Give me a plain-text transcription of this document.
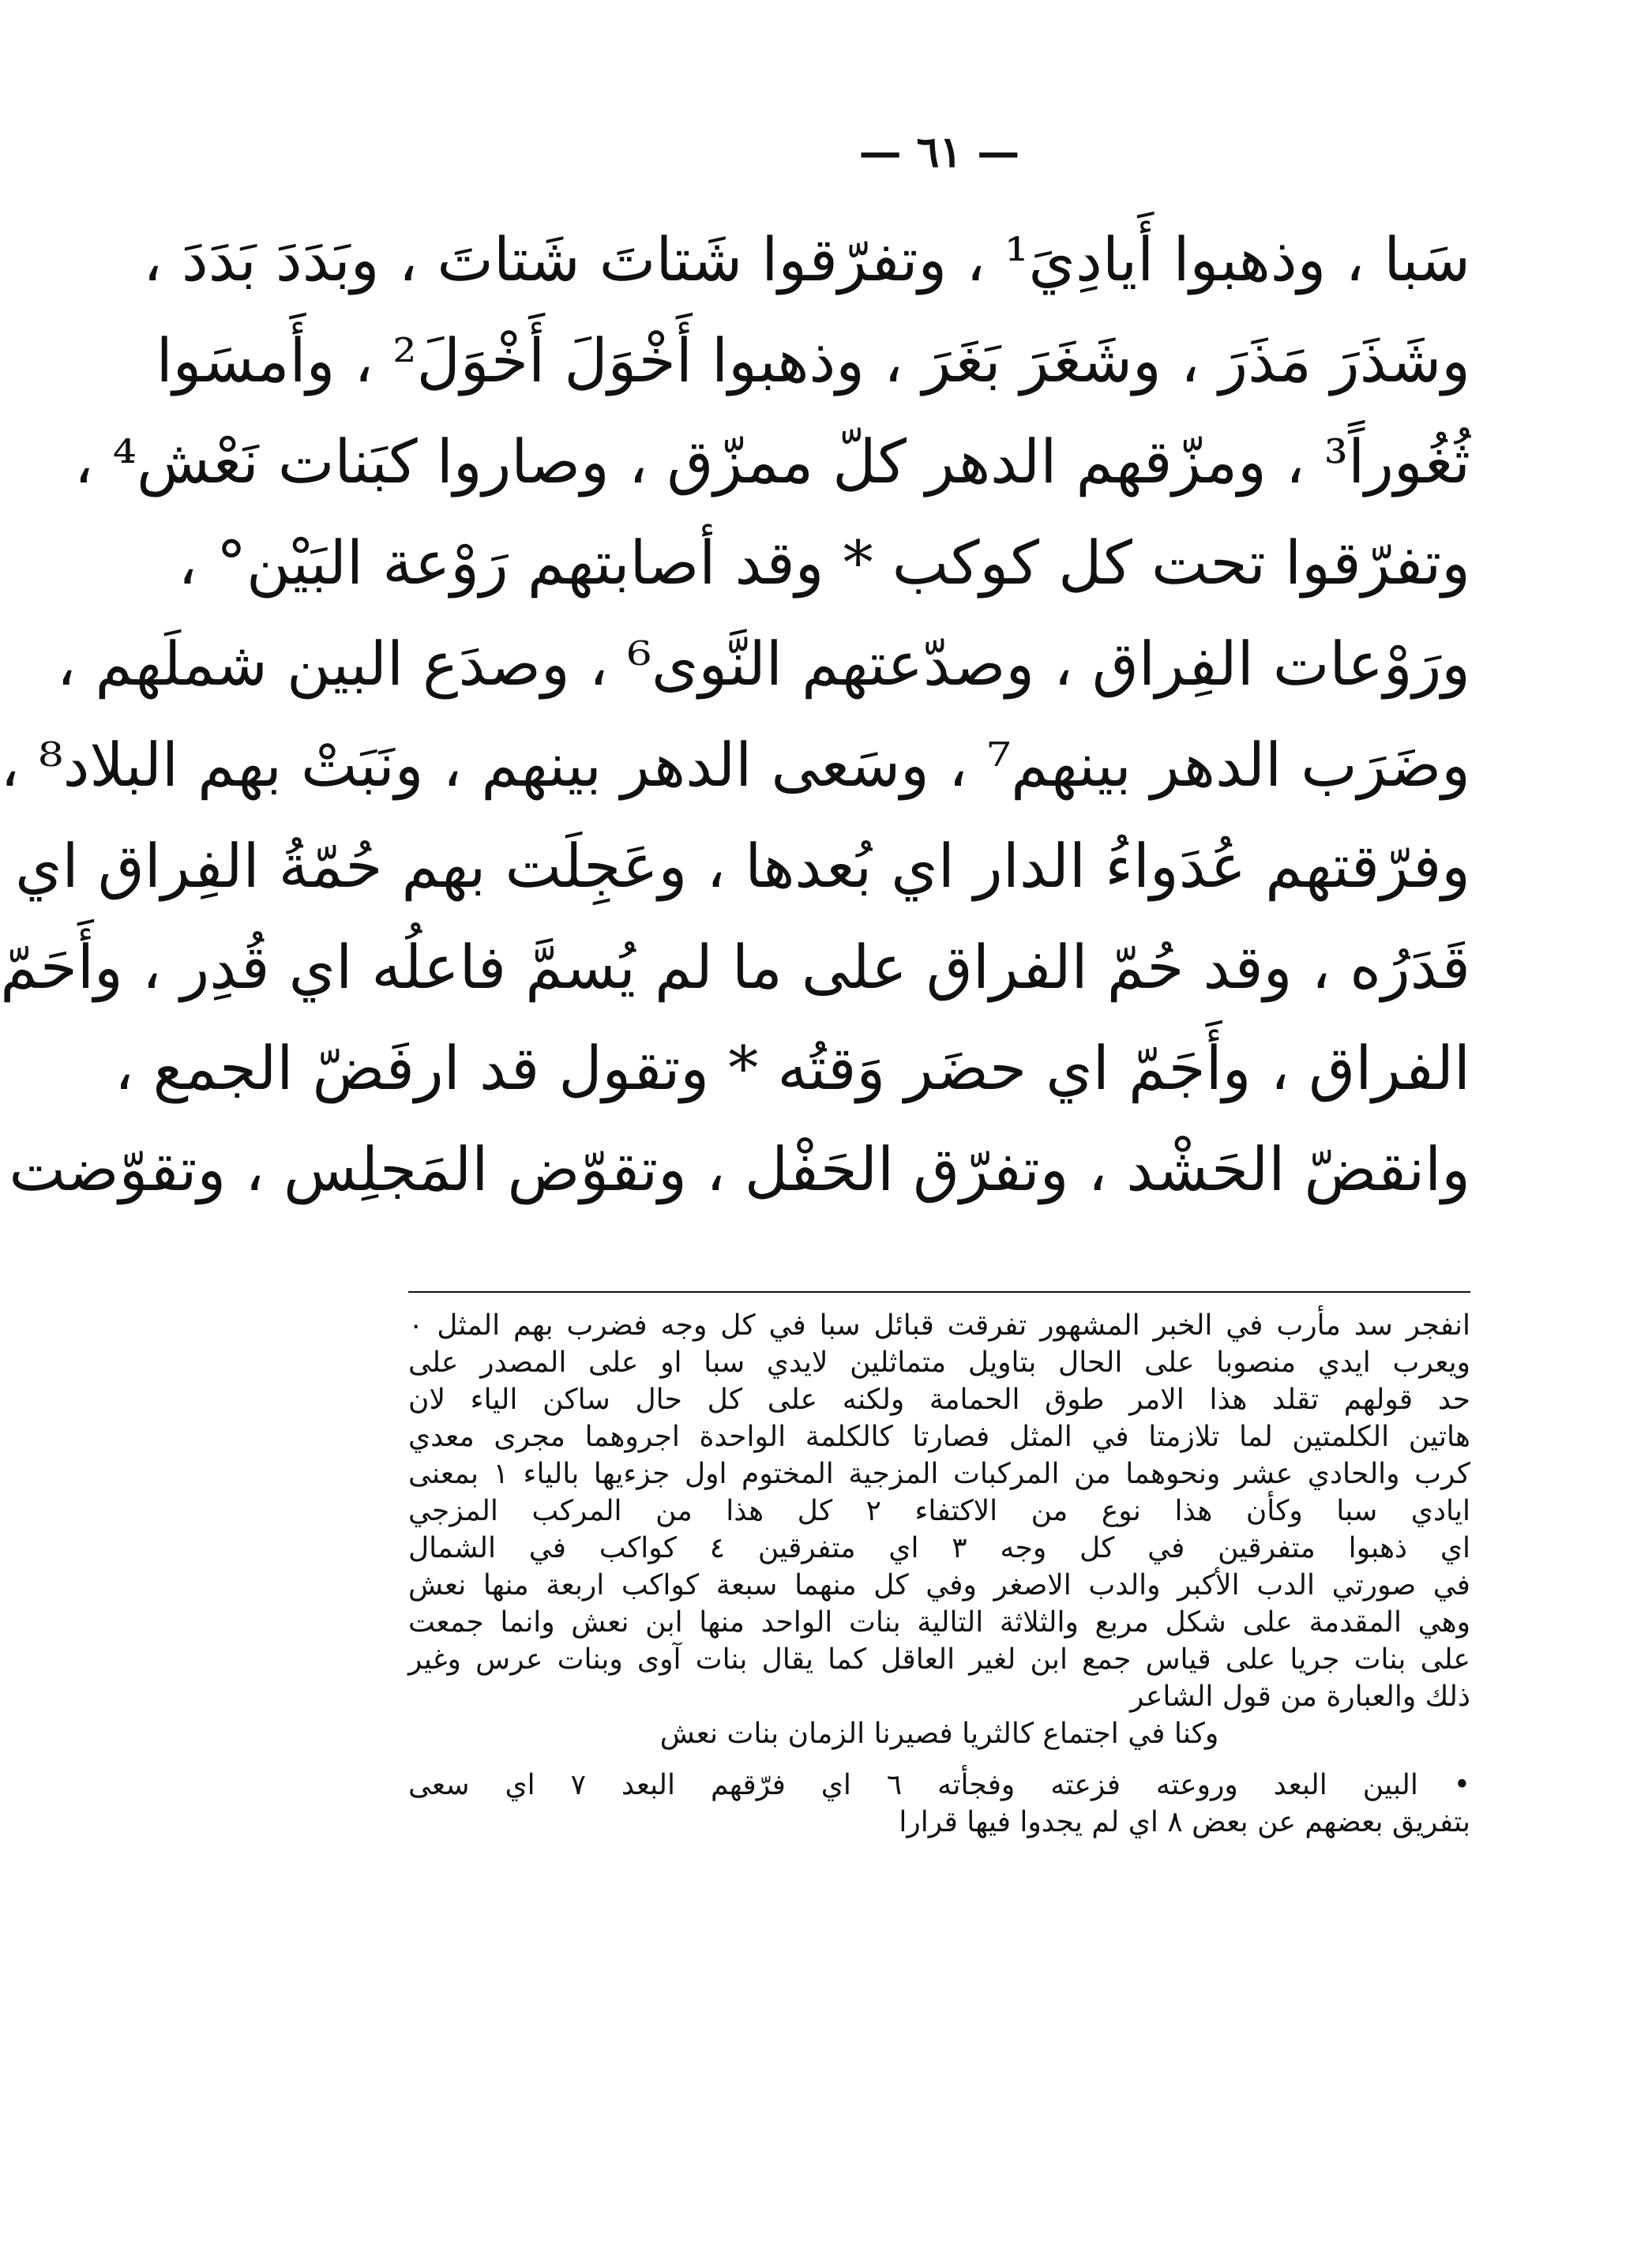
— ٦١ —
سَبا ، وذهبوا أَيادِيَ¹ ، وتفرّقوا شَتاتَ شَتاتَ ، وبَدَدَ بَدَدَ ،
وشَذَرَ مَذَرَ ، وشَغَرَ بَغَرَ ، وذهبوا أَخْوَلَ أَخْوَلَ² ، وأَمسَوا
ثُغُوراً³ ، ومزّقهم الدهر كلّ ممزّق ، وصاروا كبَنات نَعْش⁴ ،
وتفرّقوا تحت كل كوكب * وقد أصابتهم رَوْعة البَيْن° ،
ورَوْعات الفِراق ، وصدّعتهم النَّوى⁶ ، وصدَع البين شملَهم ،
وضَرَب الدهر بينهم⁷ ، وسَعى الدهر بينهم ، ونَبَتْ بهم البلاد⁸ ،
وفرّقتهم عُدَواءُ الدار اي بُعدها ، وعَجِلَت بهم حُمّةُ الفِراق اي
قَدَرُه ، وقد حُمّ الفراق على ما لم يُسمَّ فاعلُه اي قُدِر ، وأَحَمّ
الفراق ، وأَجَمّ اي حضَر وَقتُه * وتقول قد ارفَضّ الجمع ،
وانقضّ الحَشْد ، وتفرّق الحَفْل ، وتقوّض المَجلِس ، وتقوّضت
انفجر سد مأرب في الخبر المشهور تفرقت قبائل سبا في كل وجه فضرب بهم المثل ٠
ويعرب ايدي منصوبا على الحال بتاويل متماثلين لايدي سبا او على المصدر على
حد قولهم تقلد هذا الامر طوق الحمامة ولكنه على كل حال ساكن الياء لان
هاتين الكلمتين لما تلازمتا في المثل فصارتا كالكلمة الواحدة اجروهما مجرى معدي
كرب والحادي عشر ونحوهما من المركبات المزجية المختوم اول جزءيها بالياء ١ بمعنى
ايادي سبا وكأن هذا نوع من الاكتفاء ٢ كل هذا من المركب المزجي
اي ذهبوا متفرقين في كل وجه ٣ اي متفرقين ٤ كواكب في الشمال
في صورتي الدب الأكبر والدب الاصغر وفي كل منهما سبعة كواكب اربعة منها نعش
وهي المقدمة على شكل مربع والثلاثة التالية بنات الواحد منها ابن نعش وانما جمعت
على بنات جريا على قياس جمع ابن لغير العاقل كما يقال بنات آوى وبنات عرس وغير
ذلك والعبارة من قول الشاعر
وكنا في اجتماع كالثريا فصيرنا الزمان بنات نعش
• البين البعد وروعته فزعته وفجأته ٦ اي فرّقهم البعد ٧ اي سعى
بتفريق بعضهم عن بعض ٨ اي لم يجدوا فيها قرارا
